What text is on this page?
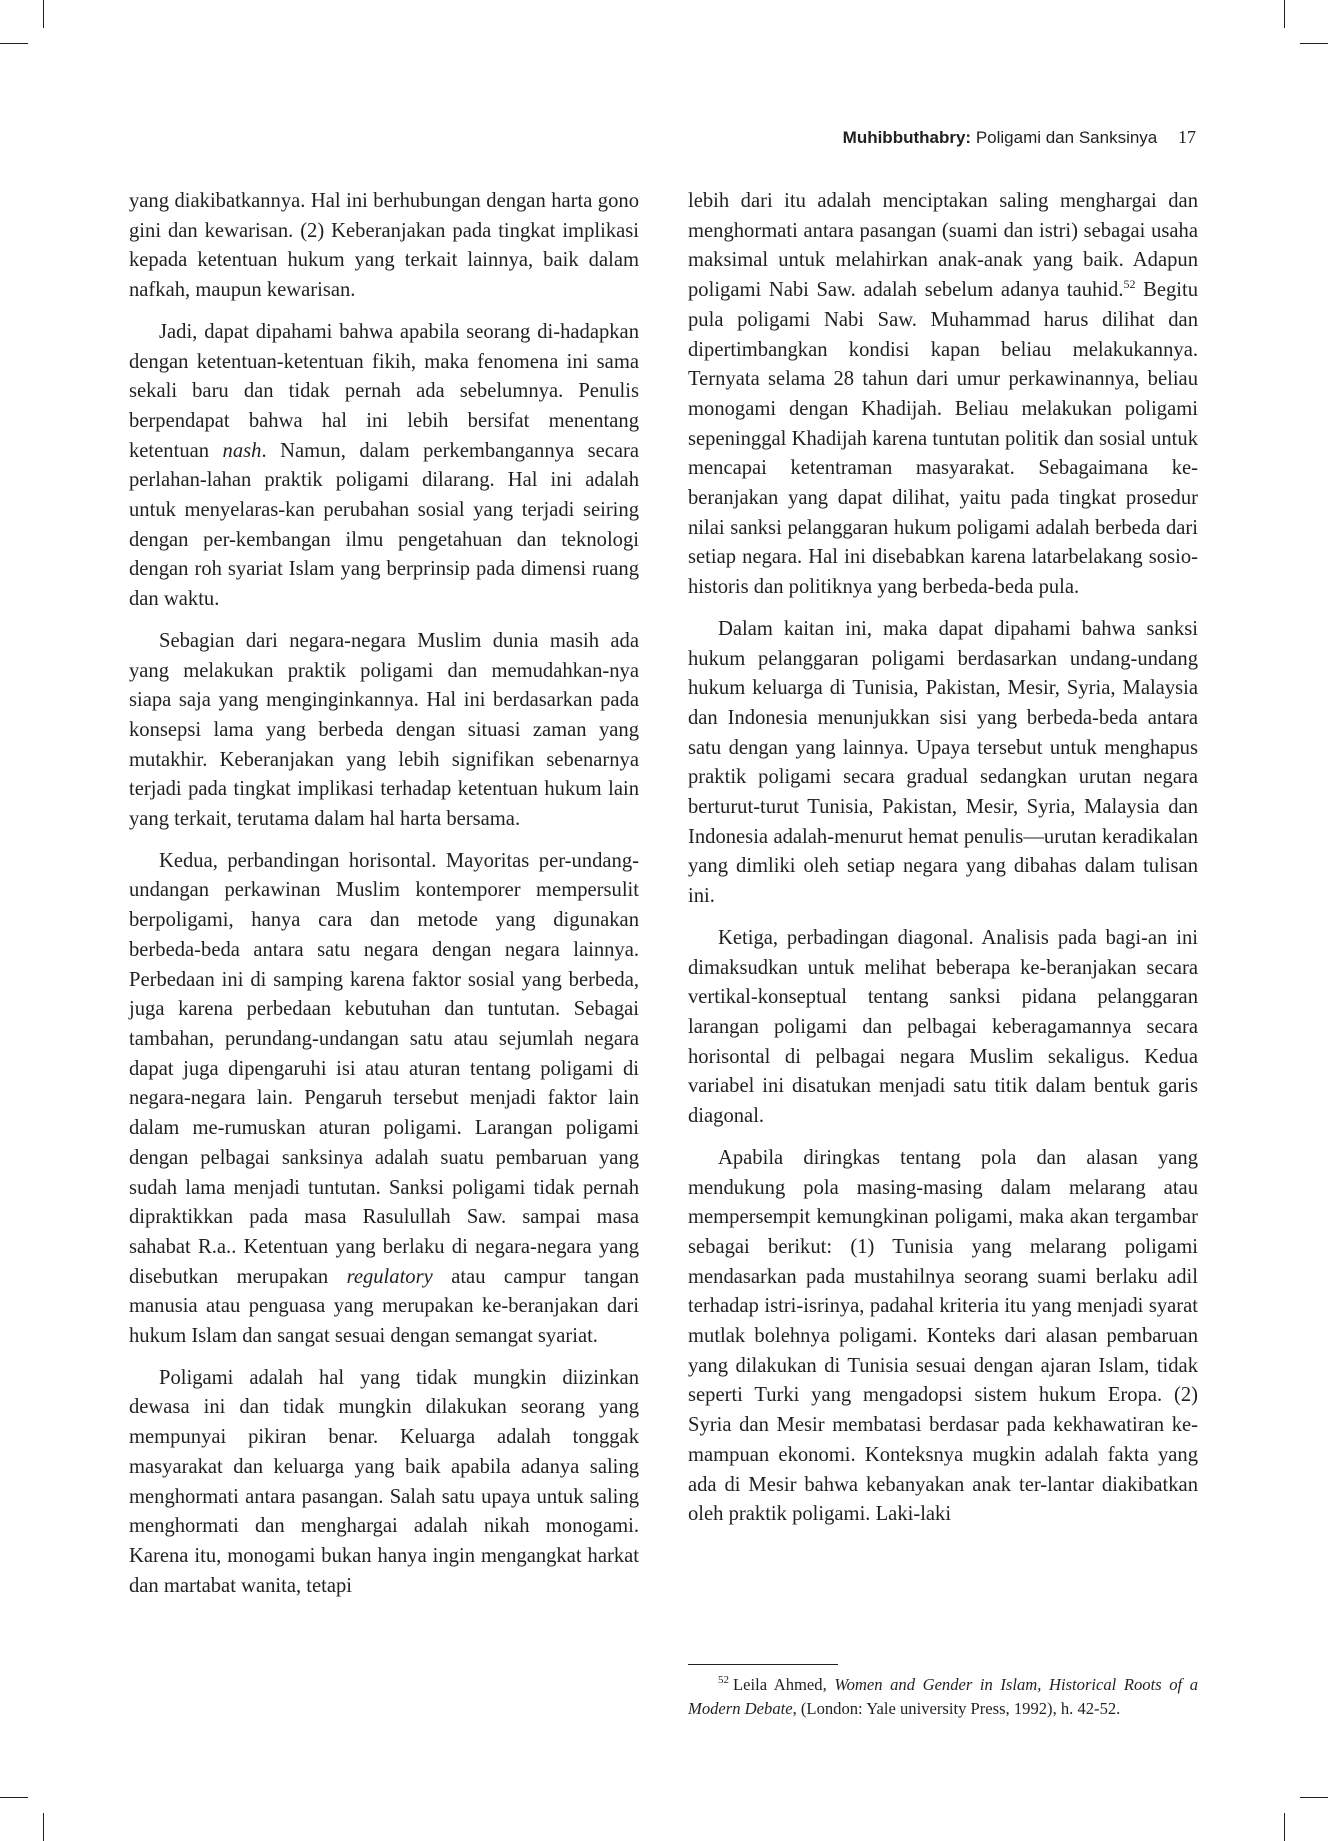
Muhibbuthabry: Poligami dan Sanksinya 17

yang diakibatkannya. Hal ini berhubungan dengan harta gono gini dan kewarisan. (2) Keberanjakan pada tingkat implikasi kepada ketentuan hukum yang terkait lainnya, baik dalam nafkah, maupun kewarisan.

Jadi, dapat dipahami bahwa apabila seorang di-hadapkan dengan ketentuan-ketentuan fikih, maka fenomena ini sama sekali baru dan tidak pernah ada sebelumnya. Penulis berpendapat bahwa hal ini lebih bersifat menentang ketentuan nash. Namun, dalam perkembangannya secara perlahan-lahan praktik poligami dilarang. Hal ini adalah untuk menyelaras-kan perubahan sosial yang terjadi seiring dengan per-kembangan ilmu pengetahuan dan teknologi dengan roh syariat Islam yang berprinsip pada dimensi ruang dan waktu.

Sebagian dari negara-negara Muslim dunia masih ada yang melakukan praktik poligami dan memudahkan-nya siapa saja yang menginginkannya. Hal ini berdasarkan pada konsepsi lama yang berbeda dengan situasi zaman yang mutakhir. Keberanjakan yang lebih signifikan sebenarnya terjadi pada tingkat implikasi terhadap ketentuan hukum lain yang terkait, terutama dalam hal harta bersama.

Kedua, perbandingan horisontal. Mayoritas per-undang-undangan perkawinan Muslim kontemporer mempersulit berpoligami, hanya cara dan metode yang digunakan berbeda-beda antara satu negara dengan negara lainnya. Perbedaan ini di samping karena faktor sosial yang berbeda, juga karena perbedaan kebutuhan dan tuntutan. Sebagai tambahan, perundang-undangan satu atau sejumlah negara dapat juga dipengaruhi isi atau aturan tentang poligami di negara-negara lain. Pengaruh tersebut menjadi faktor lain dalam me-rumuskan aturan poligami. Larangan poligami dengan pelbagai sanksinya adalah suatu pembaruan yang sudah lama menjadi tuntutan. Sanksi poligami tidak pernah dipraktikkan pada masa Rasulullah Saw. sampai masa sahabat R.a.. Ketentuan yang berlaku di negara-negara yang disebutkan merupakan regulatory atau campur tangan manusia atau penguasa yang merupakan ke-beranjakan dari hukum Islam dan sangat sesuai dengan semangat syariat.

Poligami adalah hal yang tidak mungkin diizinkan dewasa ini dan tidak mungkin dilakukan seorang yang mempunyai pikiran benar. Keluarga adalah tonggak masyarakat dan keluarga yang baik apabila adanya saling menghormati antara pasangan. Salah satu upaya untuk saling menghormati dan menghargai adalah nikah monogami. Karena itu, monogami bukan hanya ingin mengangkat harkat dan martabat wanita, tetapi

lebih dari itu adalah menciptakan saling menghargai dan menghormati antara pasangan (suami dan istri) sebagai usaha maksimal untuk melahirkan anak-anak yang baik. Adapun poligami Nabi Saw. adalah sebelum adanya tauhid.$^{52}$ Begitu pula poligami Nabi Saw. Muhammad harus dilihat dan dipertimbangkan kondisi kapan beliau melakukannya. Ternyata selama 28 tahun dari umur perkawinannya, beliau monogami dengan Khadijah. Beliau melakukan poligami sepeninggal Khadijah karena tuntutan politik dan sosial untuk mencapai ketentraman masyarakat. Sebagaimana ke-beranjakan yang dapat dilihat, yaitu pada tingkat prosedur nilai sanksi pelanggaran hukum poligami adalah berbeda dari setiap negara. Hal ini disebabkan karena latarbelakang sosio-historis dan politiknya yang berbeda-beda pula.

Dalam kaitan ini, maka dapat dipahami bahwa sanksi hukum pelanggaran poligami berdasarkan undang-undang hukum keluarga di Tunisia, Pakistan, Mesir, Syria, Malaysia dan Indonesia menunjukkan sisi yang berbeda-beda antara satu dengan yang lainnya. Upaya tersebut untuk menghapus praktik poligami secara gradual sedangkan urutan negara berturut-turut Tunisia, Pakistan, Mesir, Syria, Malaysia dan Indonesia adalah-menurut hemat penulis—urutan keradikalan yang dimliki oleh setiap negara yang dibahas dalam tulisan ini.

Ketiga, perbadingan diagonal. Analisis pada bagi-an ini dimaksudkan untuk melihat beberapa ke-beranjakan secara vertikal-konseptual tentang sanksi pidana pelanggaran larangan poligami dan pelbagai keberagamannya secara horisontal di pelbagai negara Muslim sekaligus. Kedua variabel ini disatukan menjadi satu titik dalam bentuk garis diagonal.

Apabila diringkas tentang pola dan alasan yang mendukung pola masing-masing dalam melarang atau mempersempit kemungkinan poligami, maka akan tergambar sebagai berikut: (1) Tunisia yang melarang poligami mendasarkan pada mustahilnya seorang suami berlaku adil terhadap istri-isrinya, padahal kriteria itu yang menjadi syarat mutlak bolehnya poligami. Konteks dari alasan pembaruan yang dilakukan di Tunisia sesuai dengan ajaran Islam, tidak seperti Turki yang mengadopsi sistem hukum Eropa. (2) Syria dan Mesir membatasi berdasar pada kekhawatiran ke-mampuan ekonomi. Konteksnya mugkin adalah fakta yang ada di Mesir bahwa kebanyakan anak ter-lantar diakibatkan oleh praktik poligami. Laki-laki

$^{52}$ Leila Ahmed, Women and Gender in Islam, Historical Roots of a Modern Debate, (London: Yale university Press, 1992), h. 42-52.
